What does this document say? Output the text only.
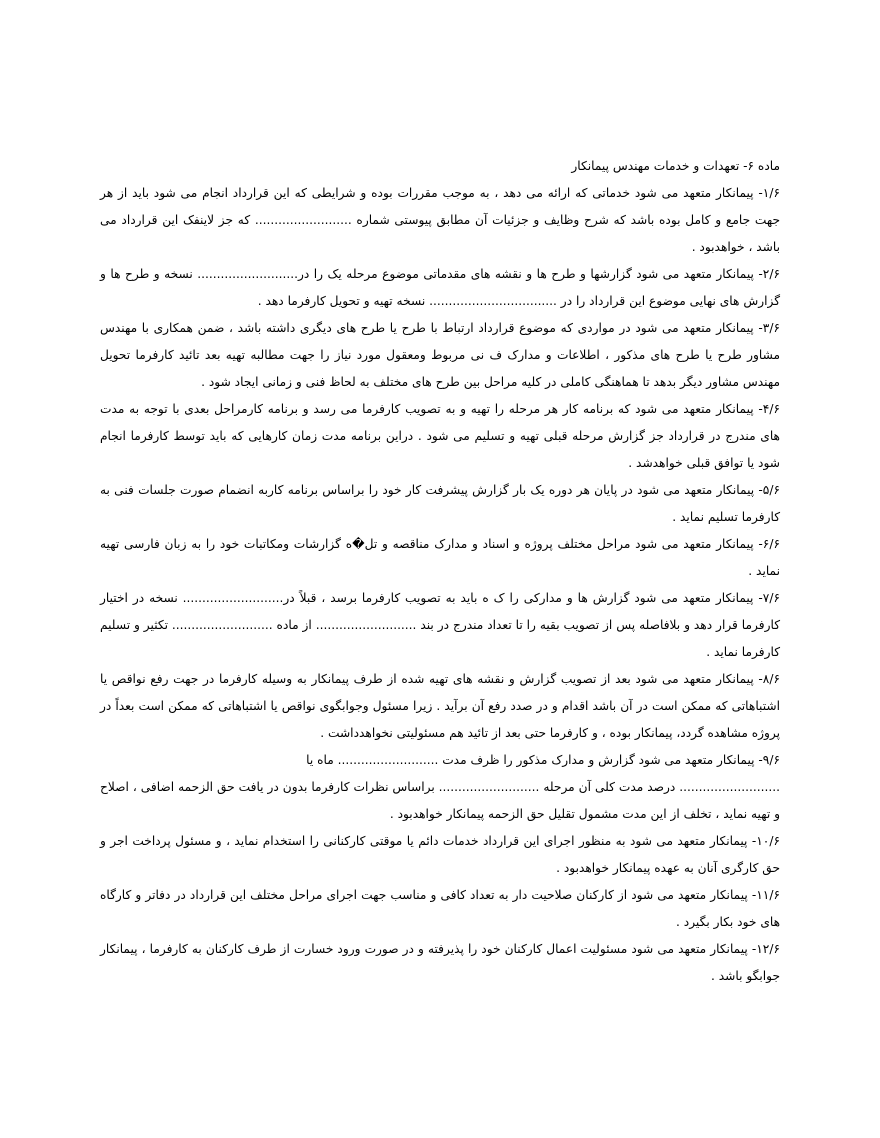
ماده ۶- تعهدات و خدمات مهندس پیمانکار

۱/۶- پیمانکار متعهد می شود خدماتی که ارائه می دهد ، به موجب مقررات بوده و شرایطی که این قرارداد انجام می شود باید از هر جهت جامع و کامل بوده باشد که شرح وظایف و جزئیات آن مطابق پیوستی شماره ......................... که جز لاینفک این قرارداد می باشد ، خواهدبود .

۲/۶- پیمانکار متعهد می شود گزارشها و طرح ها و نقشه های مقدماتی موضوع مرحله یک را در.......................... نسخه و طرح ها و گزارش های نهایی موضوع این قرارداد را در ................................. نسخه تهیه و تحویل کارفرما دهد .

۳/۶- پیمانکار متعهد می شود در مواردی که موضوع قرارداد ارتباط با طرح یا طرح های دیگری داشته باشد ، ضمن همکاری با مهندس مشاور طرح یا طرح های مذکور ، اطلاعات و مدارک ف نی مربوط ومعقول مورد نیاز را جهت مطالبه تهیه بعد تائید کارفرما تحویل مهندس مشاور دیگر بدهد تا هماهنگی کاملی در کلیه مراحل بین طرح های مختلف به لحاظ فنی و زمانی ایجاد شود .

۴/۶- پیمانکار متعهد می شود که برنامه کار هر مرحله را تهیه و به تصویب کارفرما می رسد و برنامه کارمراحل بعدی با توجه به مدت های مندرج در قرارداد جز گزارش مرحله قبلی تهیه و تسلیم می شود . دراین برنامه مدت زمان کارهایی که باید توسط کارفرما انجام شود یا توافق قبلی خواهدشد .

۵/۶- پیمانکار متعهد می شود در پایان هر دوره یک بار گزارش پیشرفت کار خود را براساس برنامه کاربه انضمام صورت جلسات فنی به کارفرما تسلیم نماید .

۶/۶- پیمانکار متعهد می شود مراحل مختلف پروژه و اسناد و مدارک مناقصه و تل�ه گزارشات ومکاتبات خود را به زبان فارسی تهیه نماید .

۷/۶- پیمانکار متعهد می شود گزارش ها و مدارکی را ک ه باید به تصویب کارفرما برسد ، قبلاً در.......................... نسخه در اختیار کارفرما قرار دهد و بلافاصله پس از تصویب بقیه را تا تعداد مندرج در بند .......................... از ماده .......................... تکثیر و تسلیم کارفرما نماید .

۸/۶- پیمانکار متعهد می شود بعد از تصویب گزارش و نقشه های تهیه شده از طرف پیمانکار به وسیله کارفرما در جهت رفع نواقص یا اشتباهاتی که ممکن است در آن باشد اقدام و در صدد رفع آن برآید . زیرا مسئول وجوابگوی نواقص یا اشتباهاتی که ممکن است بعداً در پروژه مشاهده گردد، پیمانکار بوده ، و کارفرما حتی بعد از تائید هم مسئولیتی نخواهدداشت .

۹/۶- پیمانکار متعهد می شود گزارش و مدارک مذکور را ظرف مدت .......................... ماه یا

.......................... درصد مدت کلی آن مرحله .......................... براساس نظرات کارفرما بدون در یافت حق الزحمه اضافی ، اصلاح و تهیه نماید ، تخلف از این مدت مشمول تقلیل حق الزحمه پیمانکار خواهدبود .

۱۰/۶- پیمانکار متعهد می شود به منظور اجرای این قرارداد خدمات دائم یا موقتی کارکنانی را استخدام نماید ، و مسئول پرداخت اجر و حق کارگری آنان به عهده پیمانکار خواهدبود .

۱۱/۶- پیمانکار متعهد می شود از کارکنان صلاحیت دار به تعداد کافی و مناسب جهت اجرای مراحل مختلف این قرارداد در دفاتر و کارگاه های خود بکار بگیرد .

۱۲/۶- پیمانکار متعهد می شود مسئولیت اعمال کارکنان خود را پذیرفته و در صورت ورود خسارت از طرف کارکنان به کارفرما ، پیمانکار جوابگو باشد .
